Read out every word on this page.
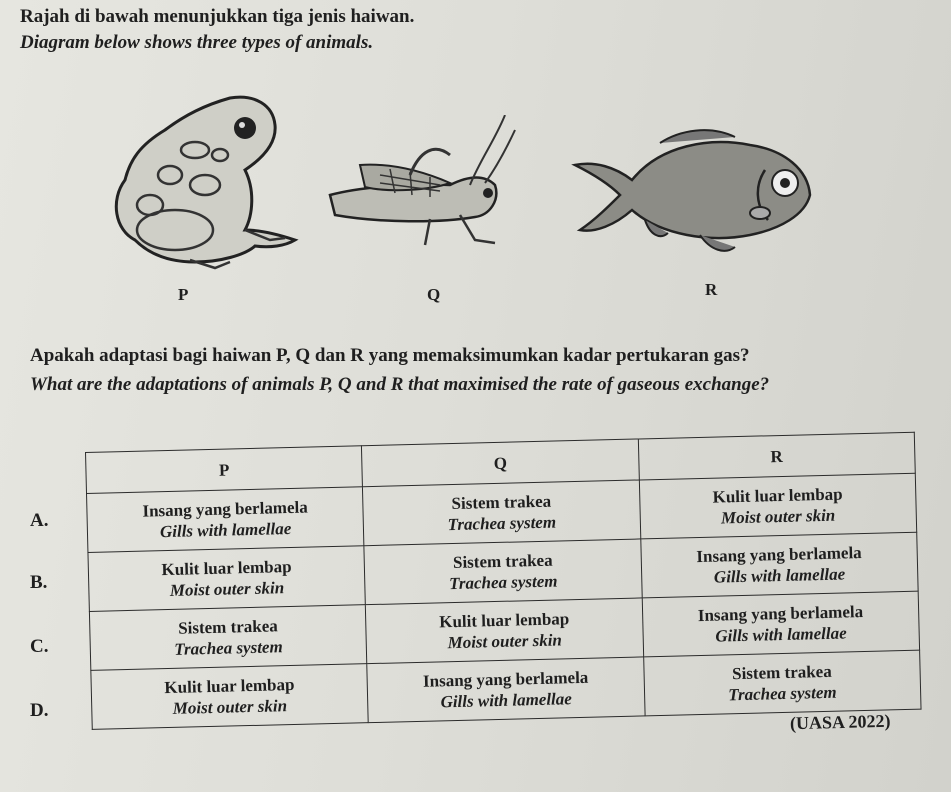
Rajah di bawah menunjukkan tiga jenis haiwan.
Diagram below shows three types of animals.
P	Q	R
Apakah adaptasi bagi haiwan P, Q dan R yang memaksimumkan kadar pertukaran gas?
What are the adaptations of animals P, Q and R that maximised the rate of gaseous exchange?
A.
B.
C.
D.
P	Q	R
Insang yang berlamela
Gills with lamellae	Sistem trakea
Trachea system	Kulit luar lembap
Moist outer skin

Kulit luar lembap
Moist outer skin	Sistem trakea
Trachea system	Insang yang berlamela
Gills with lamellae

Sistem trakea
Trachea system	Kulit luar lembap
Moist outer skin	Insang yang berlamela
Gills with lamellae

Kulit luar lembap
Moist outer skin	Insang yang berlamela
Gills with lamellae	Sistem trakea
Trachea system
(UASA 2022)
